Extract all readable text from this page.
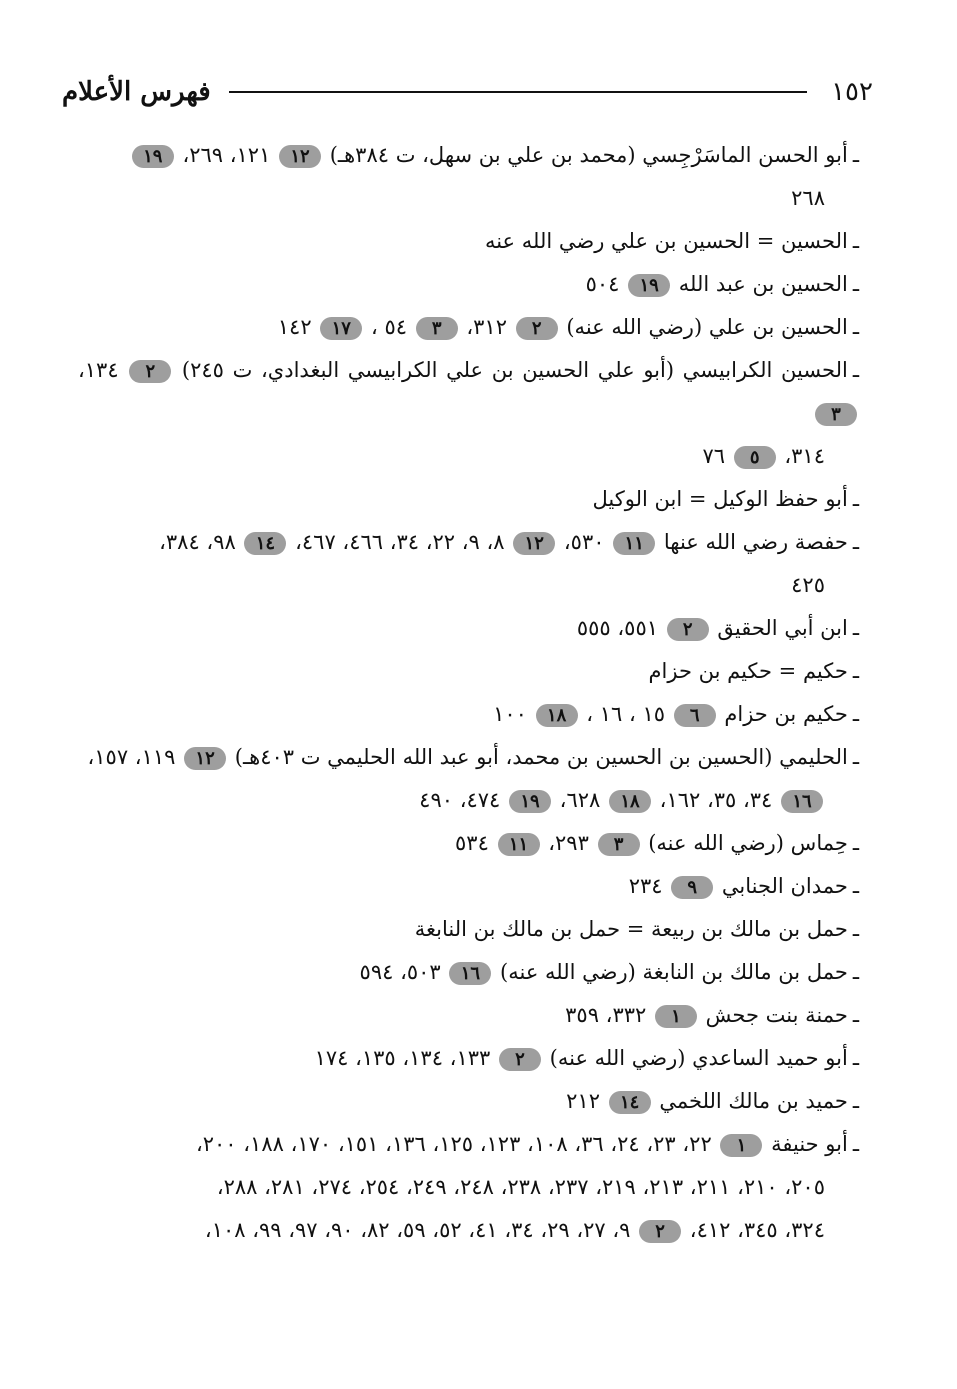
١٥٢
فهرس الأعلام
ـأبو الحسن الماسَرْجِسي (محمد بن علي بن سهل، ت ٣٨٤هـ) ١٢ ١٢١، ٢٦٩، ١٩
٢٦٨
ـالحسين = الحسين بن علي رضي الله عنه
ـالحسين بن عبد الله ١٩ ٥٠٤
ـالحسين بن علي (رضي الله عنه) ٢ ٣١٢، ٣ ٥٤ ، ١٧ ١٤٢
ـالحسين الكرابيسي (أبو علي الحسين بن علي الكرابيسي البغدادي، ت ٢٤٥) ٢ ١٣٤، ٣
٣١٤، ٥ ٧٦
ـأبو حفظ الوكيل = ابن الوكيل
ـحفصة رضي الله عنها ١١ ٥٣٠، ١٢ ٨، ٩، ٢٢، ٣٤، ٤٦٦، ٤٦٧، ١٤ ٩٨، ٣٨٤،
٤٢٥
ـابن أبي الحقيق ٢ ٥٥١، ٥٥٥
ـحكيم = حكيم بن حزام
ـحكيم بن حزام ٦ ١٥ ، ١٦ ، ١٨ ١٠٠
ـالحليمي (الحسين بن الحسين بن محمد، أبو عبد الله الحليمي ت ٤٠٣هـ) ١٢ ١١٩، ١٥٧،
١٦ ٣٤، ٣٥، ١٦٢، ١٨ ٦٢٨، ١٩ ٤٧٤، ٤٩٠
ـحِماس (رضي الله عنه) ٣ ٢٩٣، ١١ ٥٣٤
ـحمدان الجنابي ٩ ٢٣٤
ـحمل بن مالك بن ربيعة = حمل بن مالك بن النابغة
ـحمل بن مالك بن النابغة (رضي الله عنه) ١٦ ٥٠٣، ٥٩٤
ـحمنة بنت جحش ١ ٣٣٢، ٣٥٩
ـأبو حميد الساعدي (رضي الله عنه) ٢ ١٣٣، ١٣٤، ١٣٥، ١٧٤
ـحميد بن مالك اللخمي ١٤ ٢١٢
ـأبو حنيفة ١ ٢٢، ٢٣، ٢٤، ٣٦، ١٠٨، ١٢٣، ١٢٥، ١٣٦، ١٥١، ١٧٠، ١٨٨، ٢٠٠،
٢٠٥، ٢١٠، ٢١١، ٢١٣، ٢١٩، ٢٣٧، ٢٣٨، ٢٤٨، ٢٤٩، ٢٥٤، ٢٧٤، ٢٨١، ٢٨٨،
٣٢٤، ٣٤٥، ٤١٢، ٢ ٩، ٢٧، ٢٩، ٣٤، ٤١، ٥٢، ٥٩، ٨٢، ٩٠، ٩٧، ٩٩، ١٠٨،
